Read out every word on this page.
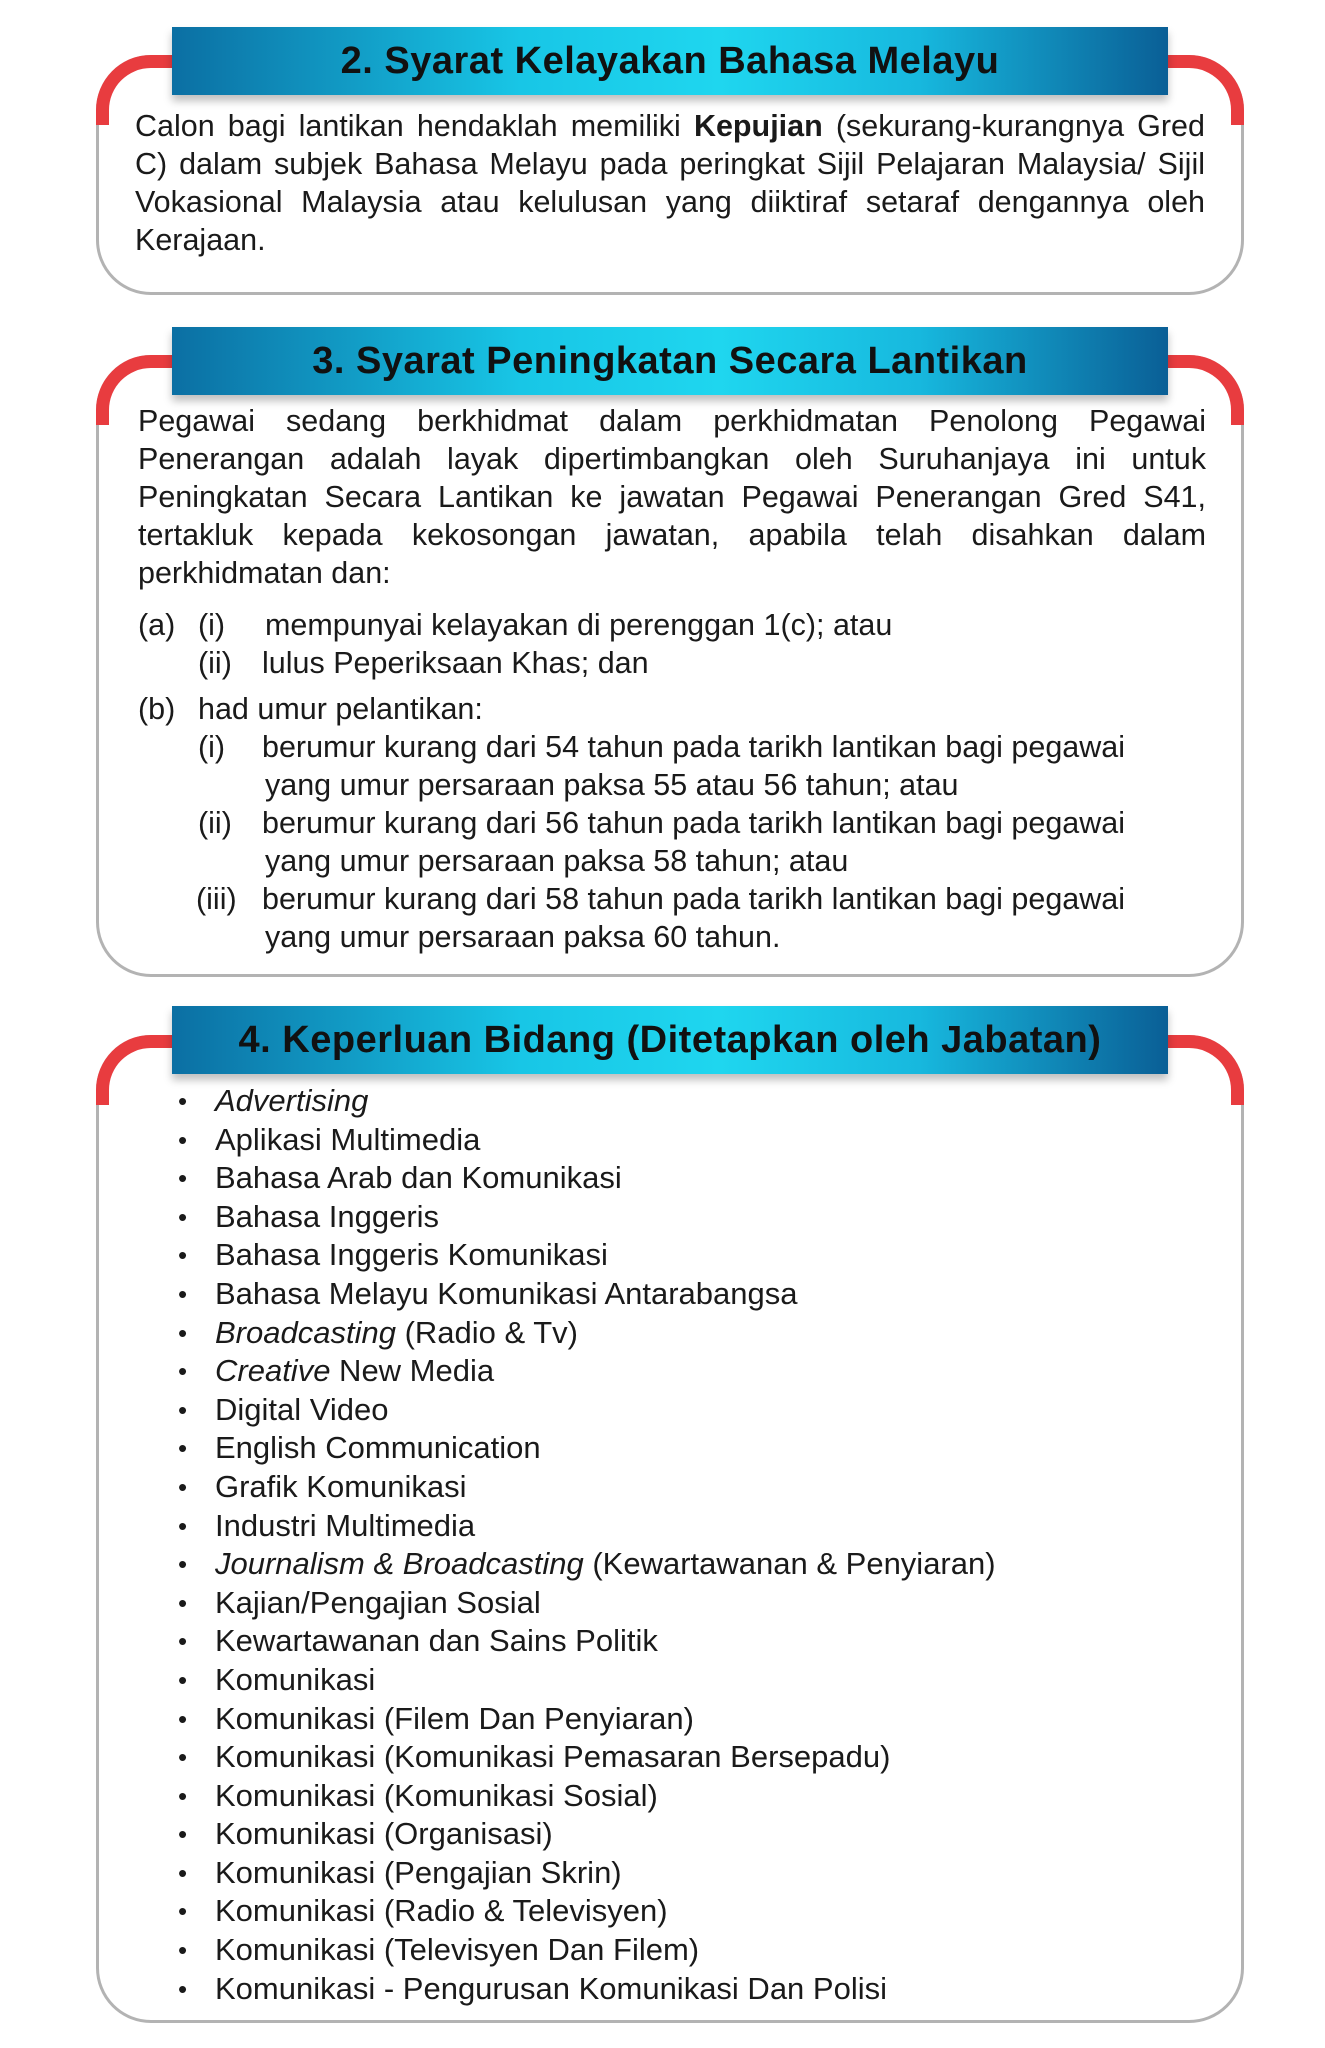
2. Syarat Kelayakan Bahasa Melayu

Calon bagi lantikan hendaklah memiliki Kepujian (sekurang-kurangnya Gred C) dalam subjek Bahasa Melayu pada peringkat Sijil Pelajaran Malaysia/ Sijil Vokasional Malaysia atau kelulusan yang diiktiraf setaraf dengannya oleh Kerajaan.

3. Syarat Peningkatan Secara Lantikan

Pegawai sedang berkhidmat dalam perkhidmatan Penolong Pegawai Penerangan adalah layak dipertimbangkan oleh Suruhanjaya ini untuk Peningkatan Secara Lantikan ke jawatan Pegawai Penerangan Gred S41, tertakluk kepada kekosongan jawatan, apabila telah disahkan dalam perkhidmatan dan:

(a) (i) mempunyai kelayakan di perenggan 1(c); atau
(ii) lulus Peperiksaan Khas; dan
(b) had umur pelantikan:
(i) berumur kurang dari 54 tahun pada tarikh lantikan bagi pegawai
yang umur persaraan paksa 55 atau 56 tahun; atau
(ii) berumur kurang dari 56 tahun pada tarikh lantikan bagi pegawai
yang umur persaraan paksa 58 tahun; atau
(iii) berumur kurang dari 58 tahun pada tarikh lantikan bagi pegawai
yang umur persaraan paksa 60 tahun.
4. Keperluan Bidang (Ditetapkan oleh Jabatan)
• Advertising
• Aplikasi Multimedia
• Bahasa Arab dan Komunikasi
• Bahasa Inggeris
• Bahasa Inggeris Komunikasi
• Bahasa Melayu Komunikasi Antarabangsa
• Broadcasting (Radio & Tv)
• Creative New Media
• Digital Video
• English Communication
• Grafik Komunikasi
• Industri Multimedia
• Journalism & Broadcasting (Kewartawanan & Penyiaran)
• Kajian/Pengajian Sosial
• Kewartawanan dan Sains Politik
• Komunikasi
• Komunikasi (Filem Dan Penyiaran)
• Komunikasi (Komunikasi Pemasaran Bersepadu)
• Komunikasi (Komunikasi Sosial)
• Komunikasi (Organisasi)
• Komunikasi (Pengajian Skrin)
• Komunikasi (Radio & Televisyen)
• Komunikasi (Televisyen Dan Filem)
• Komunikasi - Pengurusan Komunikasi Dan Polisi
